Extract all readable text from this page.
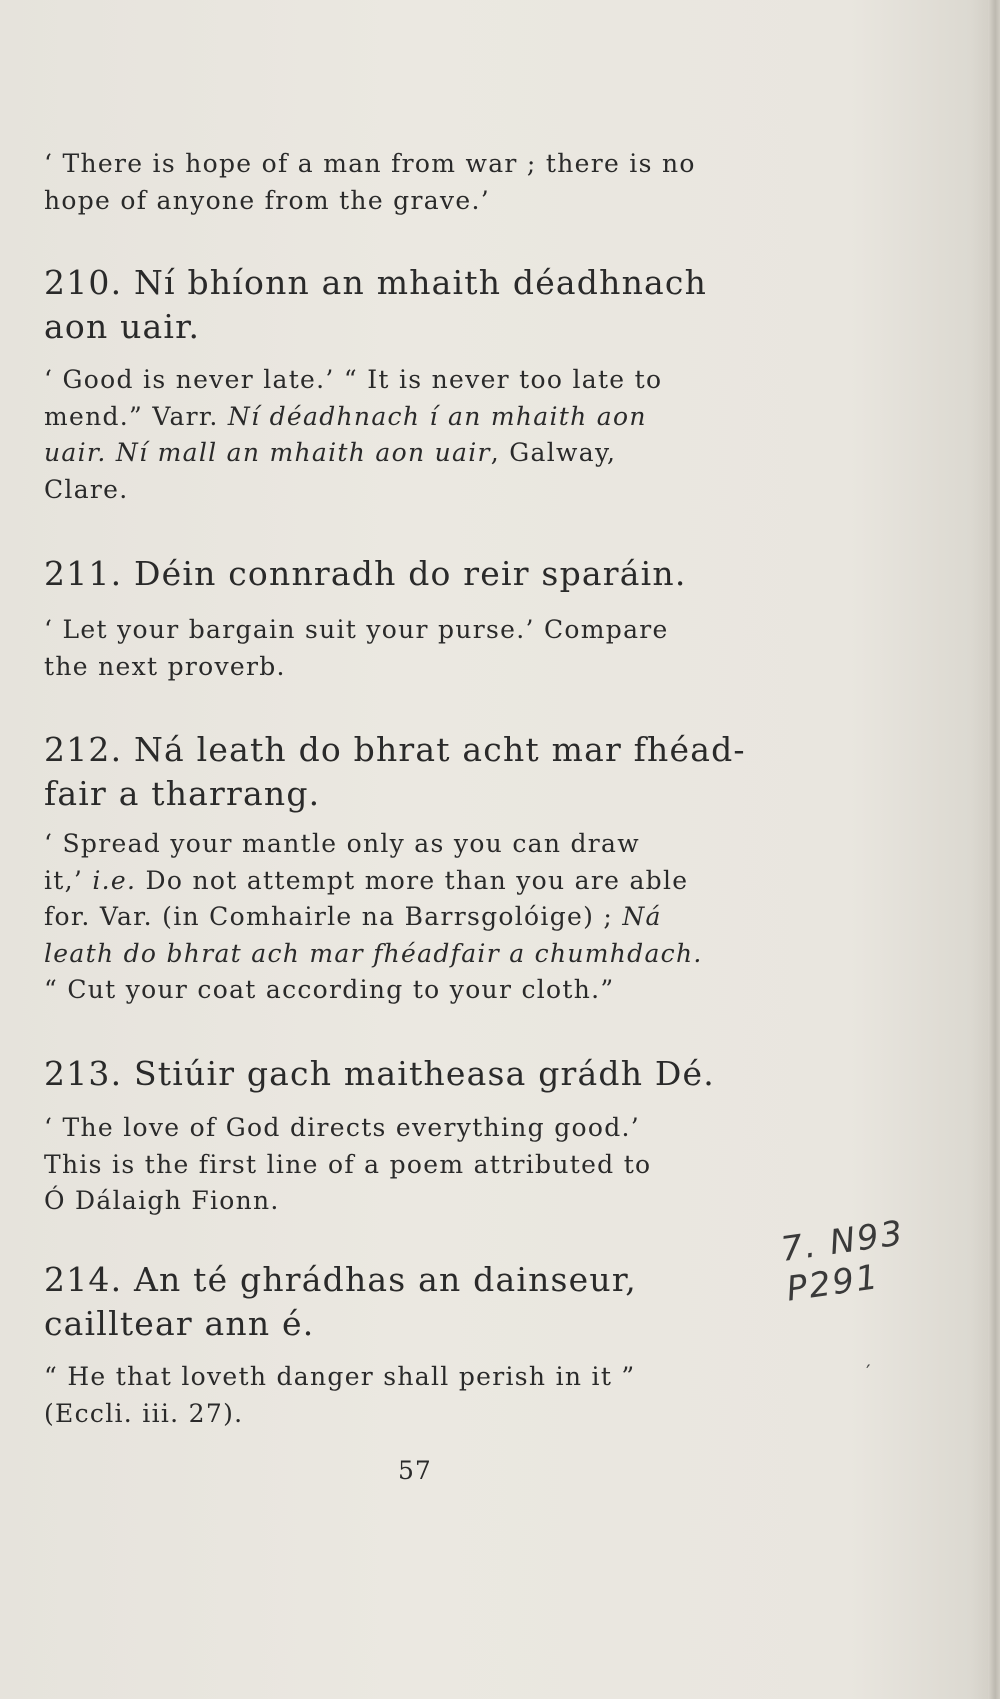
‘ There is hope of a man from war ; there is no
hope of anyone from the grave.’

210. Ní bhíonn an mhaith déadhnach
aon uair.

‘ Good is never late.’ “ It is never too late to
mend.” Varr. Ní déadhnach í an mhaith aon
uair. Ní mall an mhaith aon uair, Galway,
Clare.

211. Déin connradh do reir sparáin.

‘ Let your bargain suit your purse.’ Compare
the next proverb.

212. Ná leath do bhrat acht mar fhéad-
fair a tharrang.

‘ Spread your mantle only as you can draw
it,’ i.e. Do not attempt more than you are able
for. Var. (in Comhairle na Barrsgolóige) ; Ná
leath do bhrat ach mar fhéadfair a chumhdach.
“ Cut your coat according to your cloth.”

213. Stiúir gach maitheasa grádh Dé.

‘ The love of God directs everything good.’
This is the first line of a poem attributed to
Ó Dálaigh Fionn.

214. An té ghrádhas an dainseur,
cailltear ann é.

“ He that loveth danger shall perish in it ”
(Eccli. iii. 27).

57
7. N93 P291
′
